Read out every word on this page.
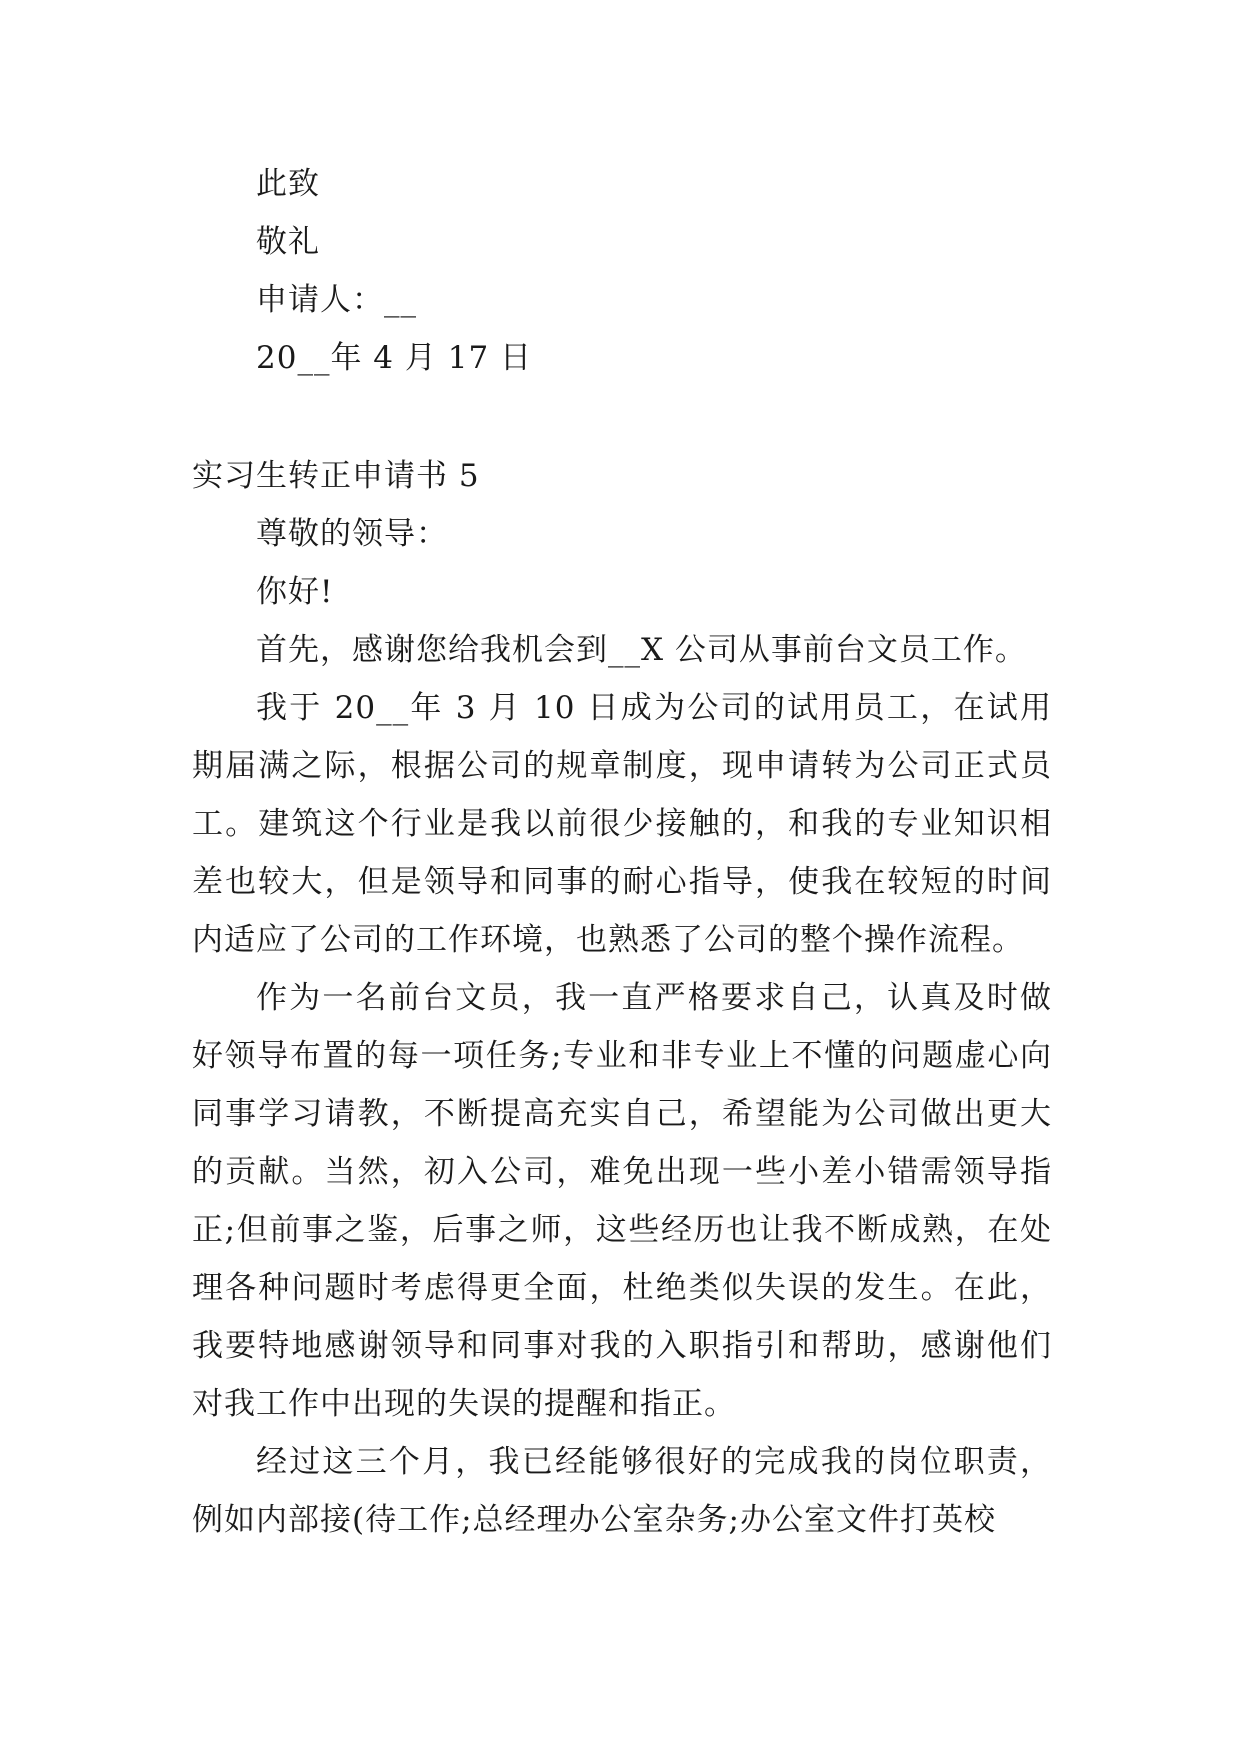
此致
敬礼
申请人：__
20__年 4 月 17 日
实习生转正申请书 5
尊敬的领导：
你好!

首先，感谢您给我机会到__X 公司从事前台文员工作。

我于 20__年 3 月 10 日成为公司的试用员工，在试用期届满之际，根据公司的规章制度，现申请转为公司正式员工。建筑这个行业是我以前很少接触的，和我的专业知识相差也较大，但是领导和同事的耐心指导，使我在较短的时间内适应了公司的工作环境，也熟悉了公司的整个操作流程。

作为一名前台文员，我一直严格要求自己，认真及时做好领导布置的每一项任务;专业和非专业上不懂的问题虚心向同事学习请教，不断提高充实自己，希望能为公司做出更大的贡献。当然，初入公司，难免出现一些小差小错需领导指正;但前事之鉴，后事之师，这些经历也让我不断成熟，在处理各种问题时考虑得更全面，杜绝类似失误的发生。在此，我要特地感谢领导和同事对我的入职指引和帮助，感谢他们对我工作中出现的失误的提醒和指正。

经过这三个月，我已经能够很好的完成我的岗位职责，例如内部接(待工作;总经理办公室杂务;办公室文件打英校
